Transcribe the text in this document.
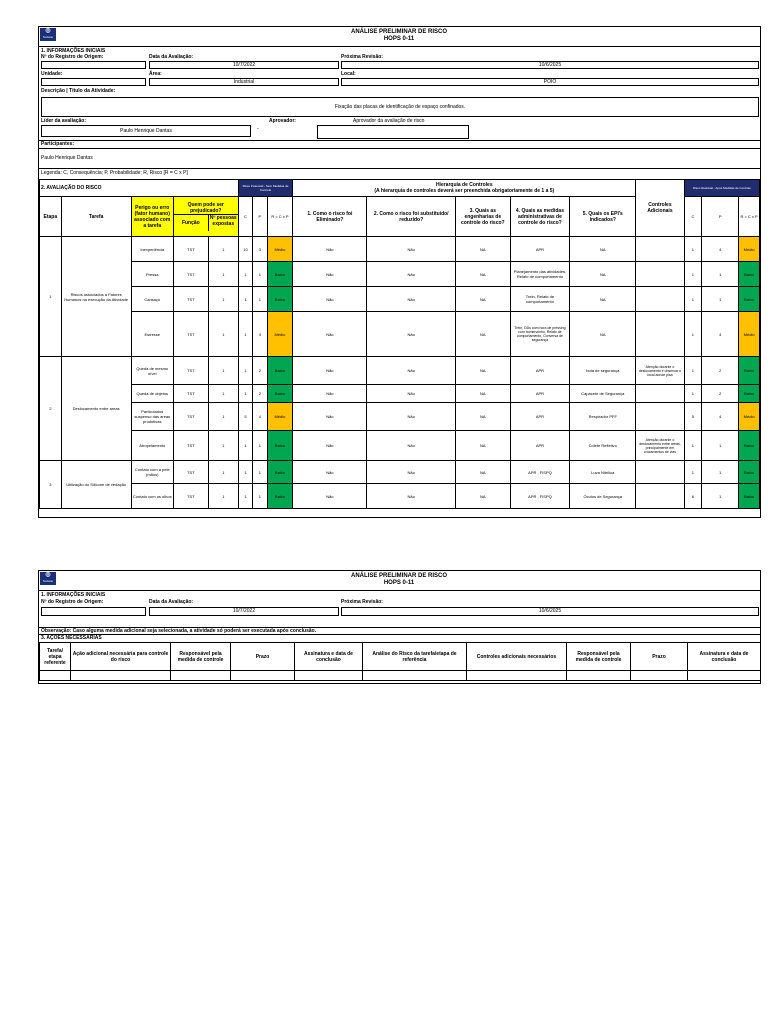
◎
Suzano
ANÁLISE PRELIMINAR DE RISCO
HOPS 0-11
1. INFORMAÇÕES INICIAIS
Nº do Registro de Origem:	Data da Avaliação:
10/7/2022
Próxima Revisão:
10/6/2025
Unidade:	Área:
Industrial
Local:
POIO
Descrição | Título da Atividade:
Fixação das placas de identificação de espaço confinados.
Líder da avaliação:
Paulo Henrique Dantas	-
Aprovador:	Aprovador da avaliação de risco
Participantes:
Paulo Henrique Dantas
Legenda: C, Consequência; P, Probabilidade; R, Risco [R = C x P]
2. AVALIAÇÃO DO RISCO					Risco Potencial - Sem Medidas de Controle			Hierarquia de Controles
(A hierarquia de controles deverá ser preenchida obrigatoriamente de 1 a 5)					Controles Adicionais	Risco Residual - Após Medidas de Controle		
Etapa	Tarefa	Perigo ou erro (fator humano) associado com a tarefa	Quem pode ser prejudicado?
Função
Nº pessoas expostas		C	P	R = C x P	1. Como o risco foi Eliminado?	2. Como o risco foi substituído/ reduzido?	3. Quais as engenharias de controle do risco?	4. Quais as medidas administrativas de controle do risco?	5. Quais os EPI's indicados?		C	P	R = C x P
1	Riscos associados a Fatores Humanos na execução da Atividade	Inexperiência	TST	1	10	3	Médio	Não	Não	NA	APR	NA		1	4	Médio
		Pressa	TST	1	1	1	Baixo	Não	Não	NA	Planejamento das atividades, Relato de comportamento	NA		1	1	Baixo
		Cansaço	TST	1	1	1	Baixo	Não	Não	NA	Trein, Relato de comportamento	NA		1	1	Baixo
		Estresse	TST	1	1	4	Médio	Não	Não	NA	Trein, DDs com hora de pressing com homenzinho, Relato de comportamento, Conversa de segurança	NA		1	4	Médio
2	Deslocamento entre areas	Queda de mesmo nível	TST	1	1	2	Baixo	Não	Não	NA	APR	bota de segurança	Atenção durante o deslocamento e observar o local aonde pisa	1	2	Baixo
		Queda de objetos	TST	1	1	2	Baixo	Não	Não	NA	APR	Capacete de Segurança		1	2	Baixo
		Particulados suspenso das areas produtivas	TST	1	5	4	Médio	Não	Não	NA	APR	Respirador PFF		5	4	Médio
		Atropelamento	TST	1	1	1	Baixo	Não	Não	NA	APR	Colete Refletivo	Atenção durante o deslocamento entre areas, principalmente em cruzamentos de vias	1	1	Baixo
3	Utilização do Silicone de vedação	Contato com a pele (mãos)	TST	1	1	1	Baixo	Não	Não	NA	APR , FISPQ	Luva Nitrílica		1	1	Baixo
		Contato com os olhos	TST	1	1	1	Baixo	Não	Não	NA	APR , FISPQ	Óculos de Segurança		6	1	Baixo
◎
Suzano
ANÁLISE PRELIMINAR DE RISCO
HOPS 0-11
1. INFORMAÇÕES INICIAIS
Nº do Registro de Origem:	Data da Avaliação:
10/7/2022
Próxima Revisão:
10/6/2025
Observação: Caso alguma medida adicional seja selecionada, a atividade só poderá ser executada após conclusão.
3. AÇÕES NECESSÁRIAS
Tarefa/ etapa referente	Ação adicional necessária para controle do risco	Responsável pela medida de controle	Prazo	Assinatura e data de conclusão	Análise do Risco da tarefa/etapa de referência	Controles adicionais necessários	Responsável pela medida de controle	Prazo	Assinatura e data de conclusão
